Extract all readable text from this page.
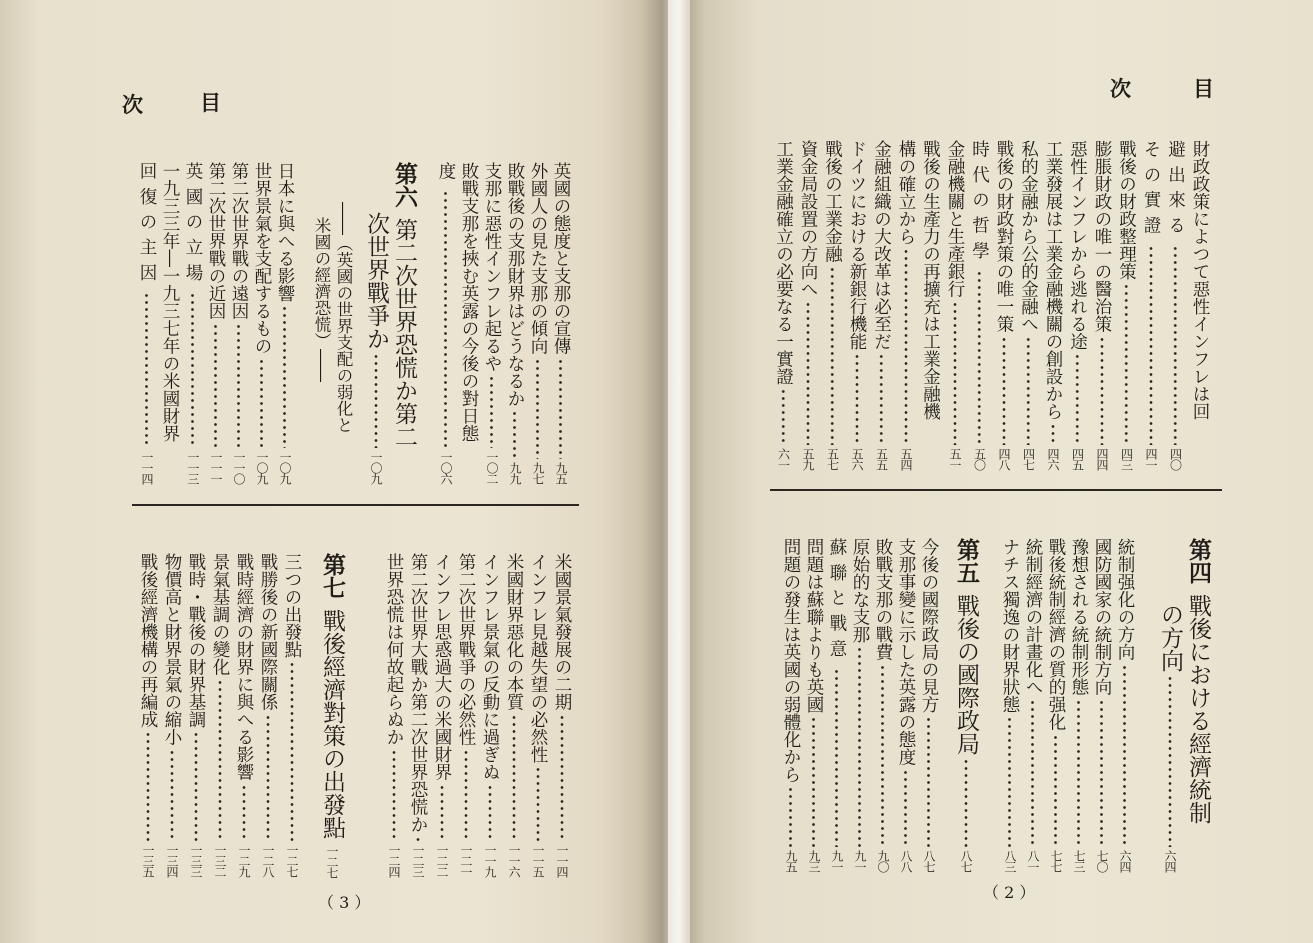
目
次
目
次
財政政策によつて惡性インフレは回
避出來る
四〇
その實證
四一
戰後の財政整理策
四三
膨脹財政の唯一の醫治策
四四
惡性インフレから逃れる途
四五
工業發展は工業金融機關の創設から
四六
私的金融から公的金融へ
四七
戰後の財政對策の唯一策
四八
時代の哲學
五〇
金融機關と生產銀行
五一
戰後の生產力の再擴充は工業金融機
構の確立から
五四
金融組織の大改革は必至だ
五五
ドイツにおける新銀行機能
五六
戰後の工業金融
五七
資金局設置の方向へ
五九
工業金融確立の必要なる一實證
六一
第四
戰後における經濟統制
の方向
六四
統制强化の方向
六四
國防國家の統制方向
七〇
豫想される統制形態
七三
戰後統制經濟の質的强化
七七
統制經濟の計畫化へ
八一
ナチス獨逸の財界狀態
八三
第五
戰後の國際政局
八七
今後の國際政局の見方
八七
支那事變に示した英露の態度
八八
敗戰支那の戰費
九〇
原始的な支那
九一
蘇聯と戰意
九一
問題は蘇聯よりも英國
九三
問題の發生は英國の弱體化から
九五
英國の態度と支那の宣傳
九五
外國人の見た支那の傾向
九七
敗戰後の支那財界はどうなるか
九九
支那に惡性インフレ起るや
一〇二
敗戰支那を挾む英露の今後の對日態
度
一〇六
第六
第二次世界恐慌か第二
次世界戰爭か
一〇九
――（英國の世界支配の弱化と
米國の經濟恐慌）――
日本に與へる影響
一〇九
世界景氣を支配するもの
一〇九
第二次世界戰の遠因
一一〇
第二次世界戰の近因
一一一
英國の立場
一一三
一九三三年―一九三七年の米國財界
回復の主因
一一四
米國景氣發展の二期
一一四
インフレ見越失望の必然性
一一五
米國財界惡化の本質
一一六
インフレ景氣の反動に過ぎぬ
一一九
第二次世界戰爭の必然性
一二一
インフレ思惑過大の米國財界
一二二
第二次世界大戰か第二次世界恐慌か
一二三
世界恐慌は何故起らぬか
一二四
第七
戰後經濟對策の出發點
一二七
三つの出發點
一二七
戰勝後の新國際關係
一二八
戰時經濟の財界に與へる影響
一二九
景氣基調の變化
一三二
戰時・戰後の財界基調
一三三
物價高と財界景氣の縮小
一三四
戰後經濟機構の再編成
一三五
（ 3 ）
（ 2 ）
